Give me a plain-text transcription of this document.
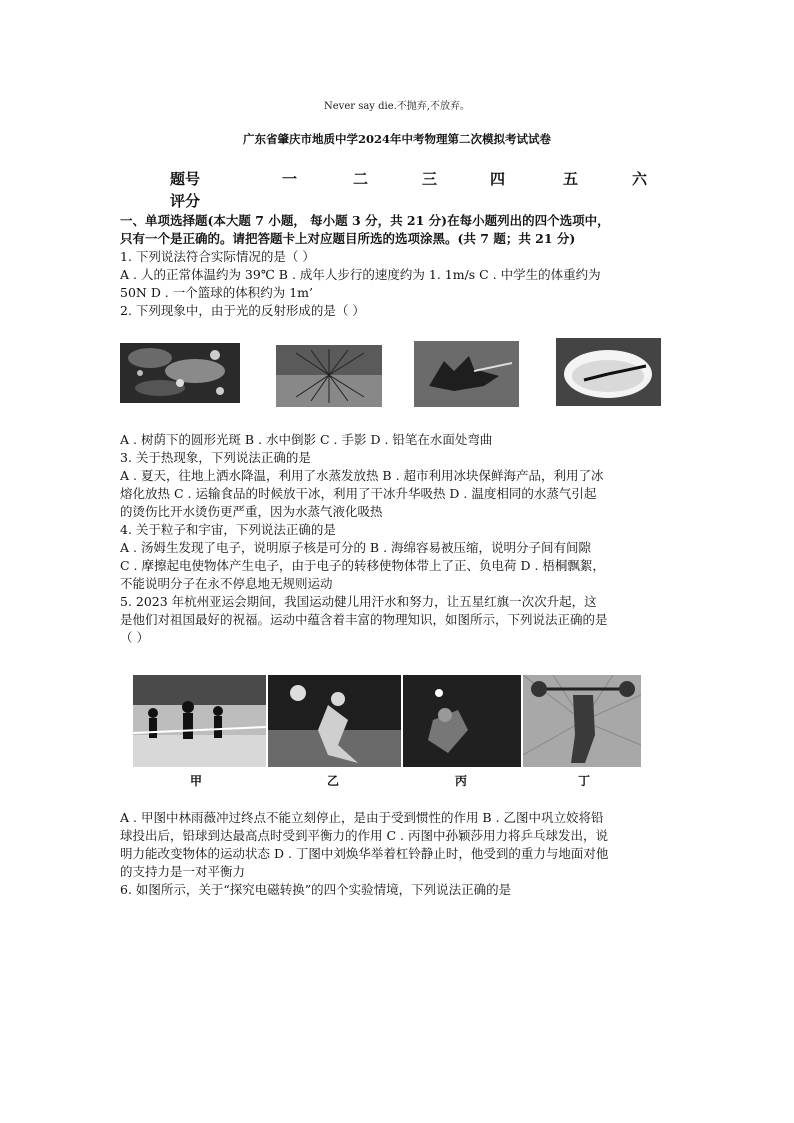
Never say die.不抛弃,不放弃。
广东省肇庆市地质中学2024年中考物理第二次模拟考试试卷
题号	一	二	三	四	五	六
评分

一、单项选择题(本大题 7 小题， 每小题 3 分，共 21 分)在每小题列出的四个选项中，

只有一个是正确的。请把答题卡上对应题目所选的选项涂黑。(共 7 题；共 21 分)

1. 下列说法符合实际情况的是（ ）

A . 人的正常体温约为 39℃ B . 成年人步行的速度约为 1. 1m/s C . 中学生的体重约为

50N D . 一个篮球的体积约为 1m’

2. 下列现象中，由于光的反射形成的是（ ）

A . 树荫下的圆形光斑 B . 水中倒影 C . 手影 D . 铅笔在水面处弯曲

3. 关于热现象，下列说法正确的是

A . 夏天，往地上洒水降温，利用了水蒸发放热 B . 超市利用冰块保鲜海产品，利用了冰

熔化放热 C . 运输食品的时候放干冰，利用了干冰升华吸热 D . 温度相同的水蒸气引起

的烫伤比开水烫伤更严重，因为水蒸气液化吸热

4. 关于粒子和宇宙，下列说法正确的是

A . 汤姆生发现了电子，说明原子核是可分的 B . 海绵容易被压缩，说明分子间有间隙

C . 摩擦起电使物体产生电子，由于电子的转移使物体带上了正、负电荷 D . 梧桐飘絮，

不能说明分子在永不停息地无规则运动

5. 2023 年杭州亚运会期间，我国运动健儿用汗水和努力，让五星红旗一次次升起，这

是他们对祖国最好的祝福。运动中蕴含着丰富的物理知识，如图所示，下列说法正确的是

（ ）

甲	乙	丙	丁

A . 甲图中林雨薇冲过终点不能立刻停止，是由于受到惯性的作用 B . 乙图中巩立姣将铅

球投出后，铅球到达最高点时受到平衡力的作用 C . 丙图中孙颖莎用力将乒乓球发出，说

明力能改变物体的运动状态 D . 丁图中刘焕华举着杠铃静止时，他受到的重力与地面对他

的支持力是一对平衡力

6. 如图所示，关于“探究电磁转换”的四个实验情境，下列说法正确的是
